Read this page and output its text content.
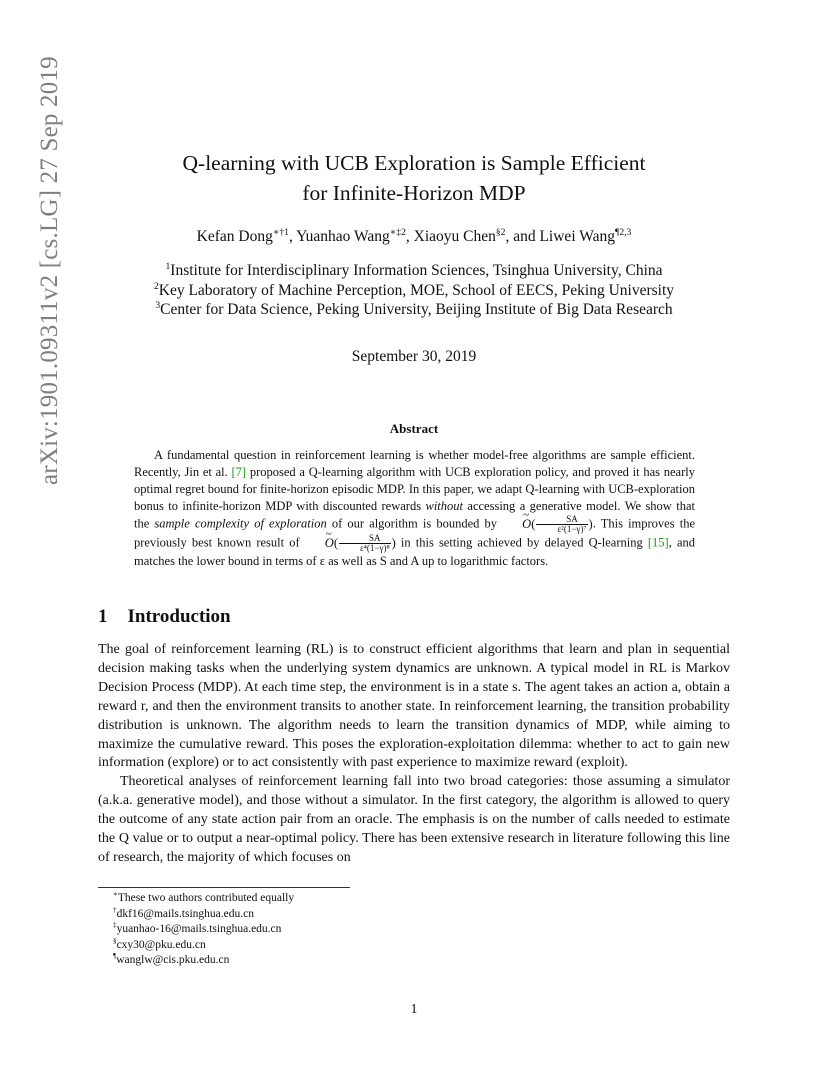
arXiv:1901.09311v2 [cs.LG] 27 Sep 2019	Q-learning with UCB Exploration is Sample Efficient
for Infinite-Horizon MDP
Kefan Dong$^{∗\dagger 1}$, Yuanhao Wang$^{∗\ddagger 2}$, Xiaoyu Chen$^{\S 2}$, and Liwei Wang$^{\P 2,3}$
$^1$Institute for Interdisciplinary Information Sciences, Tsinghua University, China
$^2$Key Laboratory of Machine Perception, MOE, School of EECS, Peking University
$^3$Center for Data Science, Peking University, Beijing Institute of Big Data Research
September 30, 2019
Abstract
A fundamental question in reinforcement learning is whether model-free algorithms are sample efficient. Recently, Jin et al. [7] proposed a Q-learning algorithm with UCB exploration policy, and proved it has nearly optimal regret bound for finite-horizon episodic MDP. In this paper, we adapt Q-learning with UCB-exploration bonus to infinite-horizon MDP with discounted rewards without accessing a generative model. We show that the sample complexity of exploration of our algorithm is bounded by ~ $O( \frac{SA}{\text{ε²(1−γ)⁷}}$ ). This improves the previously best known result of ~ $O( \frac{SA}{\text{ε⁴(1−γ)⁸}}$ ) in this setting achieved by delayed Q-learning [15], and matches the lower bound in terms of ε as well as S and A up to logarithmic factors.
1 Introduction

The goal of reinforcement learning (RL) is to construct efficient algorithms that learn and plan in sequential decision making tasks when the underlying system dynamics are unknown. A typical model in RL is Markov Decision Process (MDP). At each time step, the environment is in a state s. The agent takes an action a, obtain a reward r, and then the environment transits to another state. In reinforcement learning, the transition probability distribution is unknown. The algorithm needs to learn the transition dynamics of MDP, while aiming to maximize the cumulative reward. This poses the exploration-exploitation dilemma: whether to act to gain new information (explore) or to act consistently with past experience to maximize reward (exploit).

Theoretical analyses of reinforcement learning fall into two broad categories: those assuming a simulator (a.k.a. generative model), and those without a simulator. In the first category, the algorithm is allowed to query the outcome of any state action pair from an oracle. The emphasis is on the number of calls needed to estimate the Q value or to output a near-optimal policy. There has been extensive research in literature following this line of research, the majority of which focuses on

∗These two authors contributed equally
†dkf16@mails.tsinghua.edu.cn
‡yuanhao-16@mails.tsinghua.edu.cn
§cxy30@pku.edu.cn
¶wanglw@cis.pku.edu.cn
1
